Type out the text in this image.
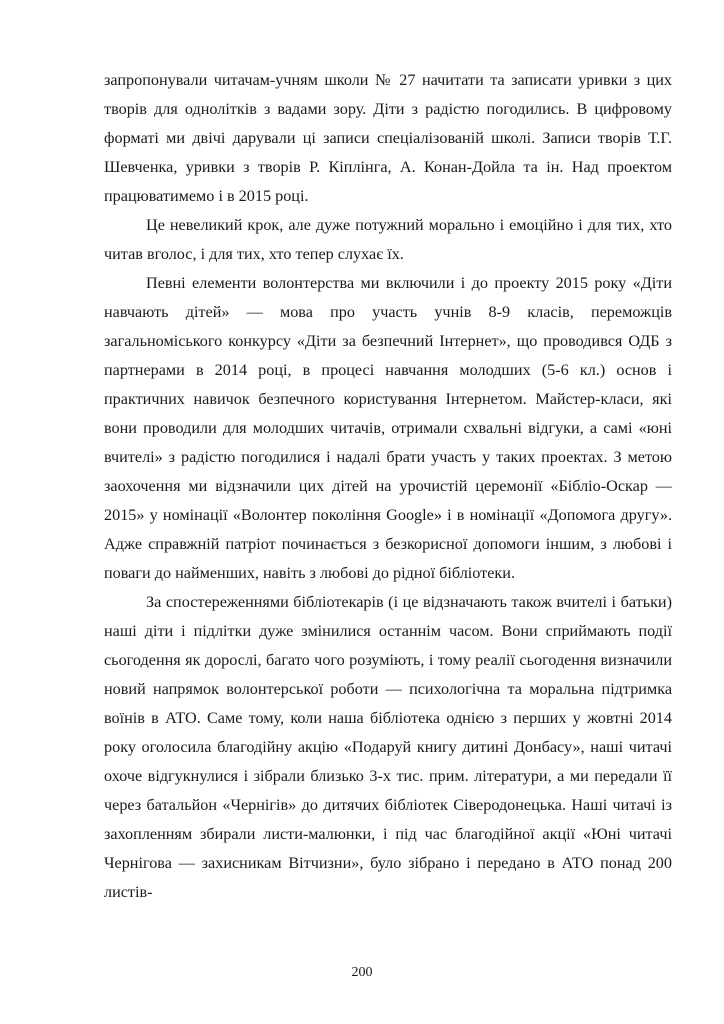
запропонували читачам-учням школи № 27 начитати та записати уривки з цих творів для однолітків з вадами зору. Діти з радістю погодились. В цифровому форматі ми двічі дарували ці записи спеціалізованій школі. Записи творів Т.Г. Шевченка, уривки з творів Р. Кіплінга, А. Конан-Дойла та ін. Над проектом працюватимемо і в 2015 році.

Це невеликий крок, але дуже потужний морально і емоційно і для тих, хто читав вголос, і для тих, хто тепер слухає їх.

Певні елементи волонтерства ми включили і до проекту 2015 року «Діти навчають дітей» — мова про участь учнів 8-9 класів, переможців загальноміського конкурсу «Діти за безпечний Інтернет», що проводився ОДБ з партнерами в 2014 році, в процесі навчання молодших (5-6 кл.) основ і практичних навичок безпечного користування Інтернетом. Майстер-класи, які вони проводили для молодших читачів, отримали схвальні відгуки, а самі «юні вчителі» з радістю погодилися і надалі брати участь у таких проектах. З метою заохочення ми відзначили цих дітей на урочистій церемонії «Бібліо-Оскар — 2015» у номінації «Волонтер покоління Google» і в номінації «Допомога другу». Адже справжній патріот починається з безкорисної допомоги іншим, з любові і поваги до найменших, навіть з любові до рідної бібліотеки.

За спостереженнями бібліотекарів (і це відзначають також вчителі і батьки) наші діти і підлітки дуже змінилися останнім часом. Вони сприймають події сьогодення як дорослі, багато чого розуміють, і тому реалії сьогодення визначили новий напрямок волонтерської роботи — психологічна та моральна підтримка воїнів в АТО. Саме тому, коли наша бібліотека однією з перших у жовтні 2014 року оголосила благодійну акцію «Подаруй книгу дитині Донбасу», наші читачі охоче відгукнулися і зібрали близько 3-х тис. прим. літератури, а ми передали її через батальйон «Чернігів» до дитячих бібліотек Сіверодонецька. Наші читачі із захопленням збирали листи-малюнки, і під час благодійної акції «Юні читачі Чернігова — захисникам Вітчизни», було зібрано і передано в АТО понад 200 листів-

200
